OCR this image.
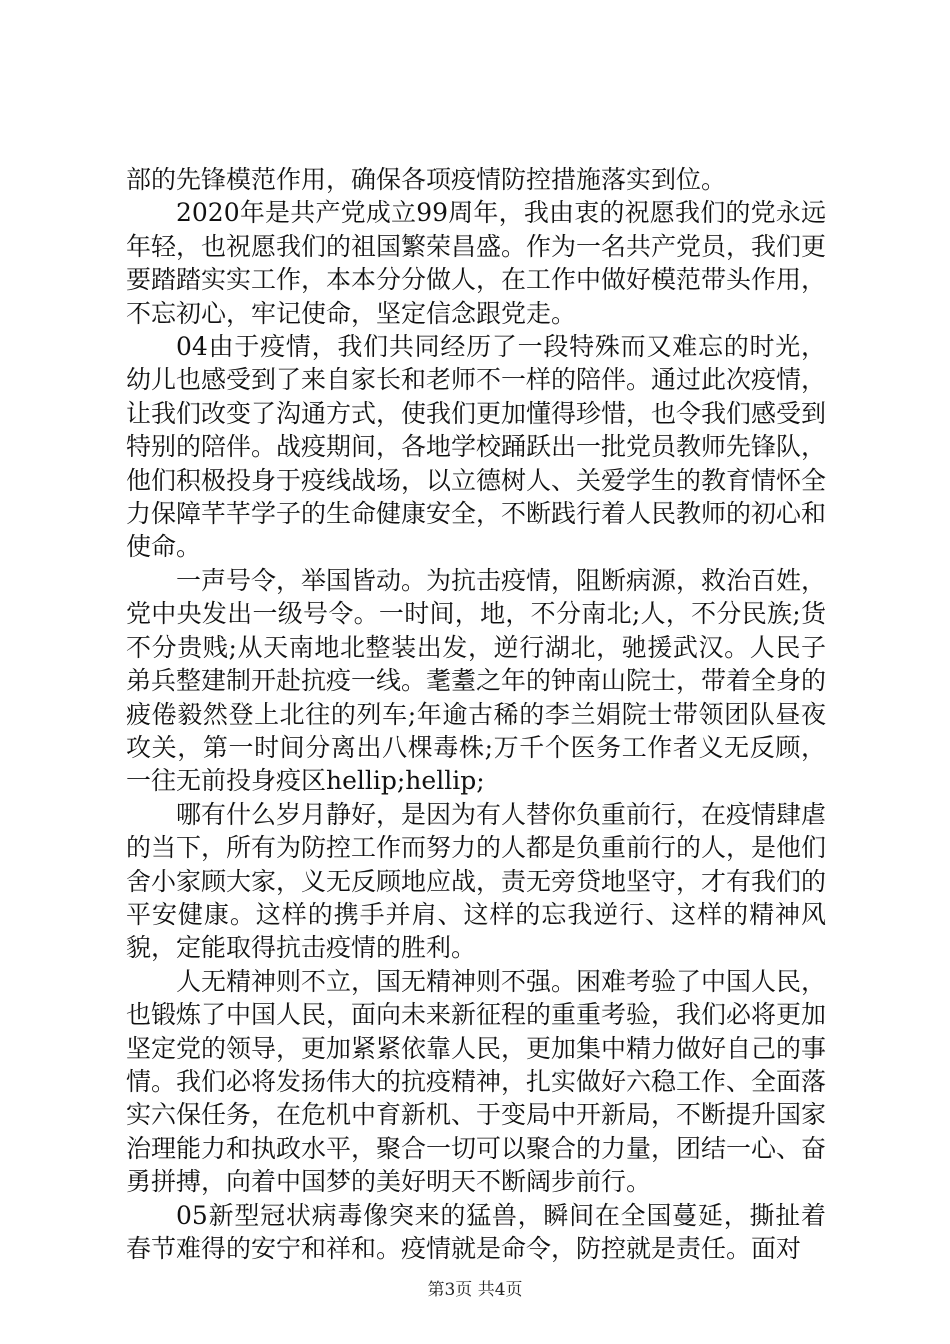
部的先锋模范作用，确保各项疫情防控措施落实到位。

2020年是共产党成立99周年，我由衷的祝愿我们的党永远年轻，也祝愿我们的祖国繁荣昌盛。作为一名共产党员，我们更要踏踏实实工作，本本分分做人，在工作中做好模范带头作用，不忘初心，牢记使命，坚定信念跟党走。

04由于疫情，我们共同经历了一段特殊而又难忘的时光，幼儿也感受到了来自家长和老师不一样的陪伴。通过此次疫情，让我们改变了沟通方式，使我们更加懂得珍惜，也令我们感受到特别的陪伴。战疫期间，各地学校踊跃出一批党员教师先锋队，他们积极投身于疫线战场，以立德树人、关爱学生的教育情怀全力保障芊芊学子的生命健康安全，不断践行着人民教师的初心和使命。

一声号令，举国皆动。为抗击疫情，阻断病源，救治百姓，党中央发出一级号令。一时间，地，不分南北;人，不分民族;货不分贵贱;从天南地北整装出发，逆行湖北，驰援武汉。人民子弟兵整建制开赴抗疫一线。耄耋之年的钟南山院士，带着全身的疲倦毅然登上北往的列车;年逾古稀的李兰娟院士带领团队昼夜攻关，第一时间分离出八棵毒株;万千个医务工作者义无反顾，一往无前投身疫区hellip;hellip;

哪有什么岁月静好，是因为有人替你负重前行，在疫情肆虐的当下，所有为防控工作而努力的人都是负重前行的人，是他们舍小家顾大家，义无反顾地应战，责无旁贷地坚守，才有我们的平安健康。这样的携手并肩、这样的忘我逆行、这样的精神风貌，定能取得抗击疫情的胜利。

人无精神则不立，国无精神则不强。困难考验了中国人民，也锻炼了中国人民，面向未来新征程的重重考验，我们必将更加坚定党的领导，更加紧紧依靠人民，更加集中精力做好自己的事情。我们必将发扬伟大的抗疫精神，扎实做好六稳工作、全面落实六保任务，在危机中育新机、于变局中开新局，不断提升国家治理能力和执政水平，聚合一切可以聚合的力量，团结一心、奋勇拼搏，向着中国梦的美好明天不断阔步前行。

05新型冠状病毒像突来的猛兽，瞬间在全国蔓延，撕扯着春节难得的安宁和祥和。疫情就是命令，防控就是责任。面对

第3页 共4页
